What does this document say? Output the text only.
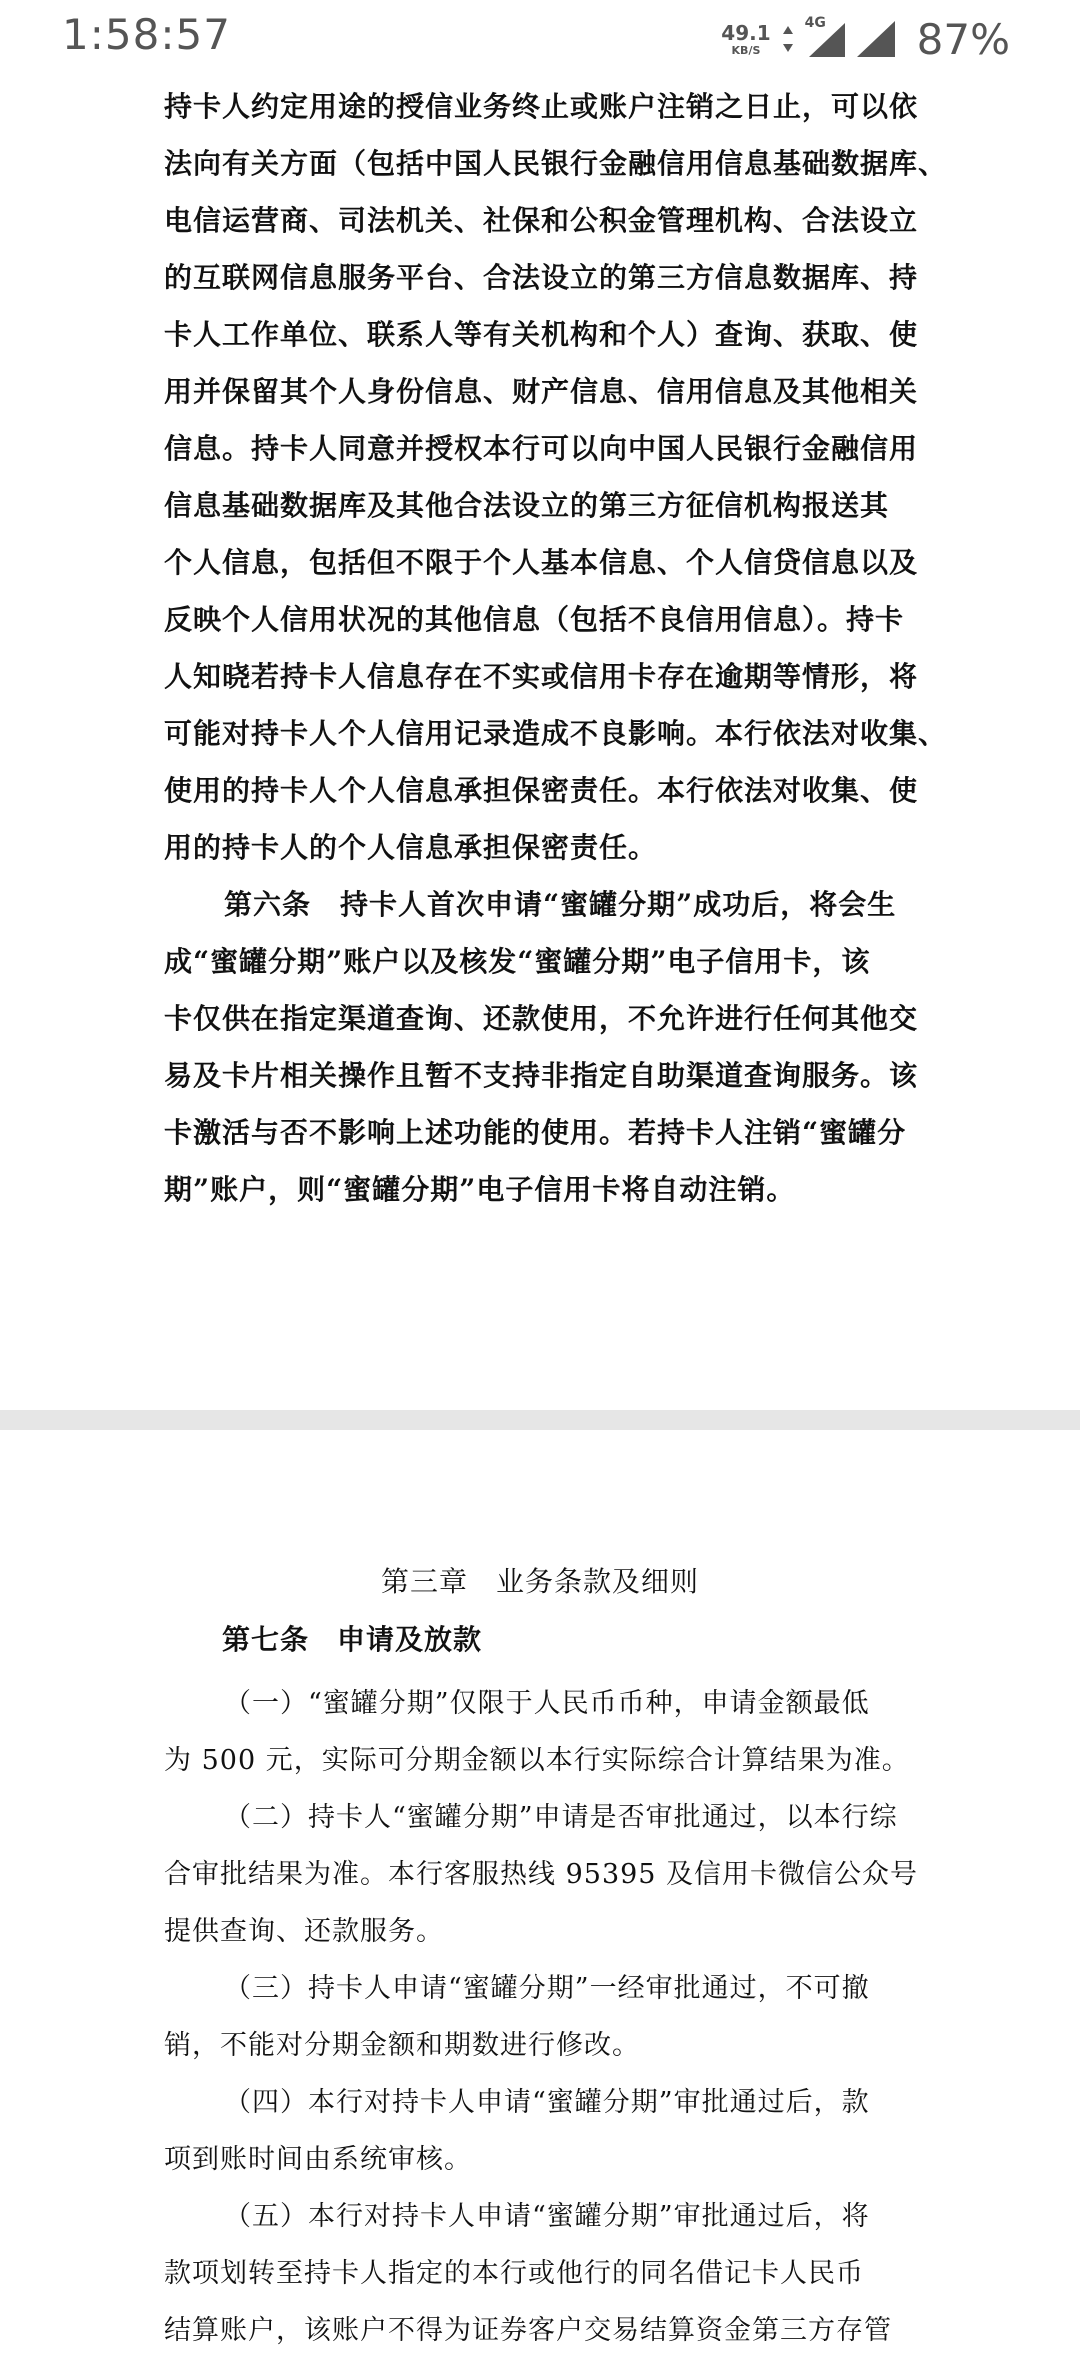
1:58:57	49.1
KB/S
4G 87%
持卡人约定用途的授信业务终止或账户注销之日止，可以依
法向有关方面（包括中国人民银行金融信用信息基础数据库、
电信运营商、司法机关、社保和公积金管理机构、合法设立
的互联网信息服务平台、合法设立的第三方信息数据库、持
卡人工作单位、联系人等有关机构和个人）查询、获取、使
用并保留其个人身份信息、财产信息、信用信息及其他相关
信息。持卡人同意并授权本行可以向中国人民银行金融信用
信息基础数据库及其他合法设立的第三方征信机构报送其
个人信息，包括但不限于个人基本信息、个人信贷信息以及
反映个人信用状况的其他信息（包括不良信用信息）。持卡
人知晓若持卡人信息存在不实或信用卡存在逾期等情形，将
可能对持卡人个人信用记录造成不良影响。本行依法对收集、
使用的持卡人个人信息承担保密责任。本行依法对收集、使
用的持卡人的个人信息承担保密责任。
第六条　持卡人首次申请“蜜罐分期”成功后，将会生
成“蜜罐分期”账户以及核发“蜜罐分期”电子信用卡，该
卡仅供在指定渠道查询、还款使用，不允许进行任何其他交
易及卡片相关操作且暂不支持非指定自助渠道查询服务。该
卡激活与否不影响上述功能的使用。若持卡人注销“蜜罐分
期”账户，则“蜜罐分期”电子信用卡将自动注销。
第三章 业务条款及细则
第七条 申请及放款
（一）“蜜罐分期”仅限于人民币币种，申请金额最低
为 500 元，实际可分期金额以本行实际综合计算结果为准。
（二）持卡人“蜜罐分期”申请是否审批通过，以本行综
合审批结果为准。本行客服热线 95395 及信用卡微信公众号
提供查询、还款服务。
（三）持卡人申请“蜜罐分期”一经审批通过，不可撤
销，不能对分期金额和期数进行修改。
（四）本行对持卡人申请“蜜罐分期”审批通过后，款
项到账时间由系统审核。
（五）本行对持卡人申请“蜜罐分期”审批通过后，将
款项划转至持卡人指定的本行或他行的同名借记卡人民币
结算账户，该账户不得为证券客户交易结算资金第三方存管
